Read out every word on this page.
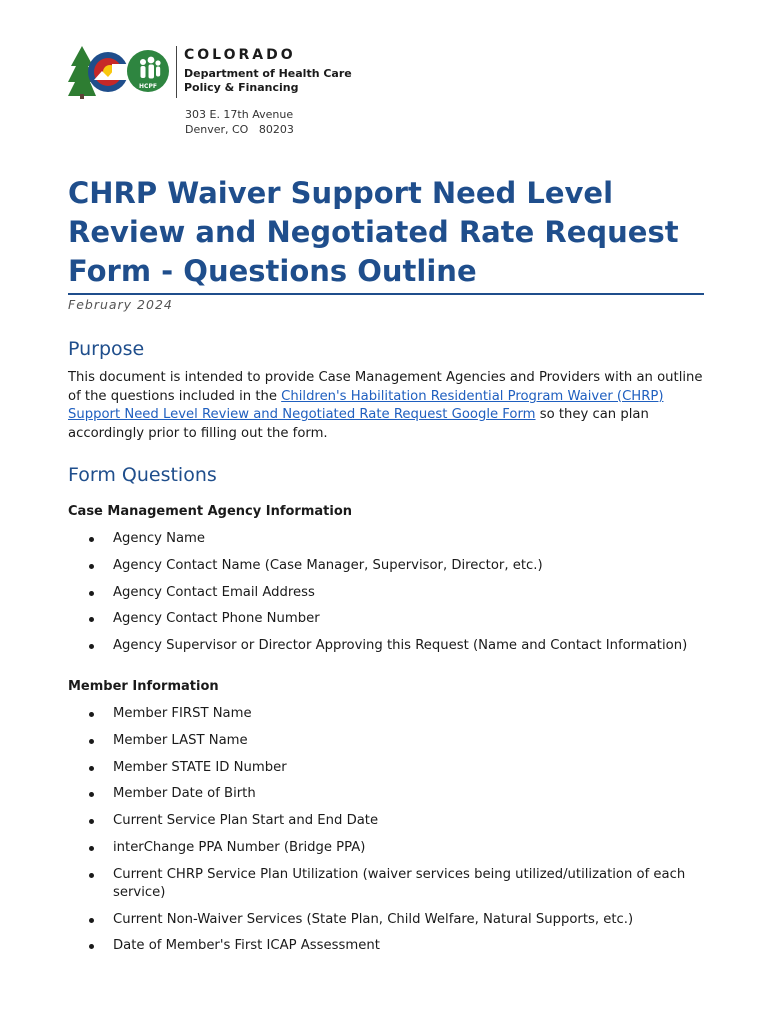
HCPF
COLORADO
Department of Health Care
Policy & Financing
303 E. 17th Avenue
Denver, CO   80203
CHRP Waiver Support Need Level Review and Negotiated Rate Request Form - Questions Outline
February 2024
Purpose

This document is intended to provide Case Management Agencies and Providers with an outline of the questions included in the Children's Habilitation Residential Program Waiver (CHRP) Support Need Level Review and Negotiated Rate Request Google Form so they can plan accordingly prior to filling out the form.

Form Questions
Case Management Agency Information
Agency Name
Agency Contact Name (Case Manager, Supervisor, Director, etc.)
Agency Contact Email Address
Agency Contact Phone Number
Agency Supervisor or Director Approving this Request (Name and Contact Information)
Member Information
Member FIRST Name
Member LAST Name
Member STATE ID Number
Member Date of Birth
Current Service Plan Start and End Date
interChange PPA Number (Bridge PPA)
Current CHRP Service Plan Utilization (waiver services being utilized/utilization of each service)
Current Non-Waiver Services (State Plan, Child Welfare, Natural Supports, etc.)
Date of Member's First ICAP Assessment
